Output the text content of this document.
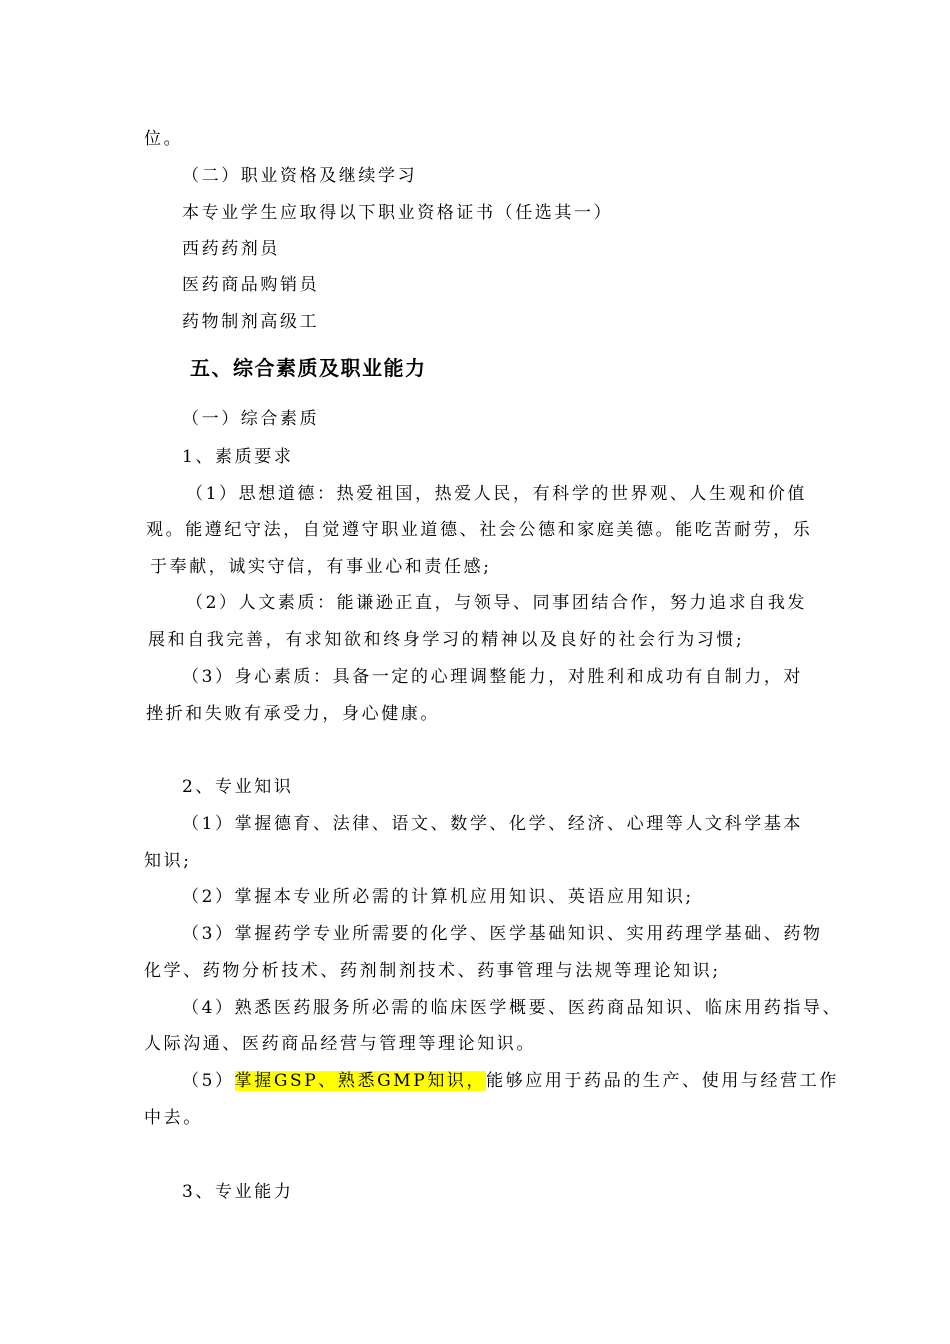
位。
（二）职业资格及继续学习
本专业学生应取得以下职业资格证书（任选其一）
西药药剂员
医药商品购销员
药物制剂高级工
五、综合素质及职业能力
（一）综合素质
1、素质要求
（1）思想道德：热爱祖国，热爱人民，有科学的世界观、人生观和价值
观。能遵纪守法，自觉遵守职业道德、社会公德和家庭美德。能吃苦耐劳，乐
于奉献，诚实守信，有事业心和责任感;
（2）人文素质：能谦逊正直，与领导、同事团结合作，努力追求自我发
展和自我完善，有求知欲和终身学习的精神以及良好的社会行为习惯;
（3）身心素质：具备一定的心理调整能力，对胜利和成功有自制力，对
挫折和失败有承受力，身心健康。
2、专业知识
（1）掌握德育、法律、语文、数学、化学、经济、心理等人文科学基本
知识;
（2）掌握本专业所必需的计算机应用知识、英语应用知识;
（3）掌握药学专业所需要的化学、医学基础知识、实用药理学基础、药物
化学、药物分析技术、药剂制剂技术、药事管理与法规等理论知识;
（4）熟悉医药服务所必需的临床医学概要、医药商品知识、临床用药指导、
人际沟通、医药商品经营与管理等理论知识。
（5）掌握GSP、熟悉GMP知识，能够应用于药品的生产、使用与经营工作
中去。
3、专业能力
